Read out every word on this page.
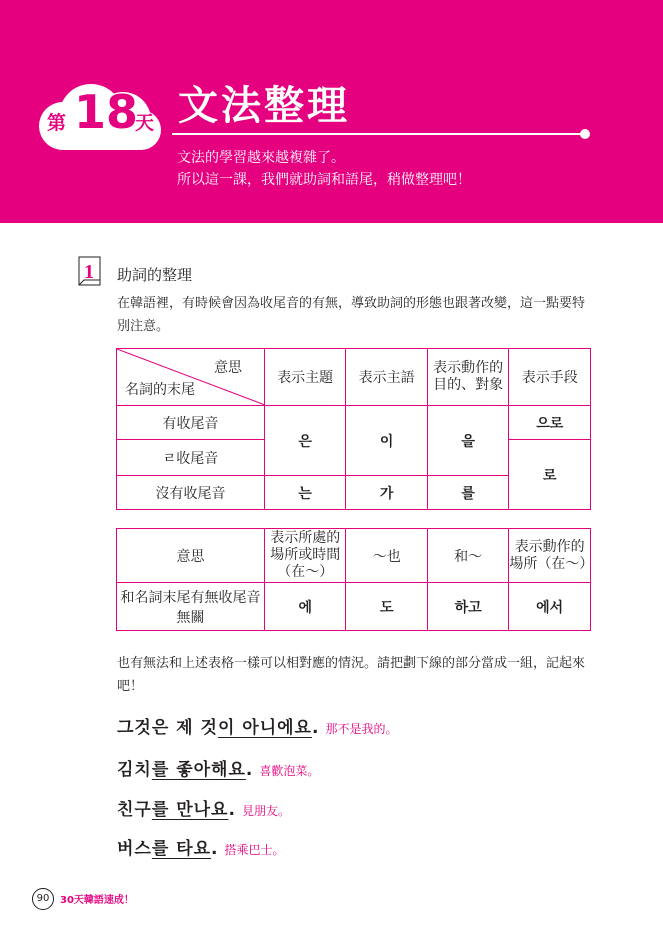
第 18
天 文法整理
文法的學習越來越複雜了。
所以這一課，我們就助詞和語尾，稍做整理吧！
1 助詞的整理
在韓語裡，有時候會因為收尾音的有無，導致助詞的形態也跟著改變，這一點要特別注意。
意思
名詞的末尾	表示主題	表示主語	表示動作的目的、對象	表示手段
有收尾音	은	이	을	으로
ㄹ收尾音				로
沒有收尾音	는	가	를	
意思	表示所處的場所或時間（在～）	～也	和～	表示動作的場所（在～）
和名詞末尾有無收尾音無關	에	도	하고	에서
也有無法和上述表格一樣可以相對應的情況。請把劃下線的部分當成一組，記起來吧！
그것은 제 것이 아니에요. 那不是我的。
김치를 좋아해요. 喜歡泡菜。
친구를 만나요. 見朋友。
버스를 타요. 搭乘巴士。
90	30天韓語速成！
